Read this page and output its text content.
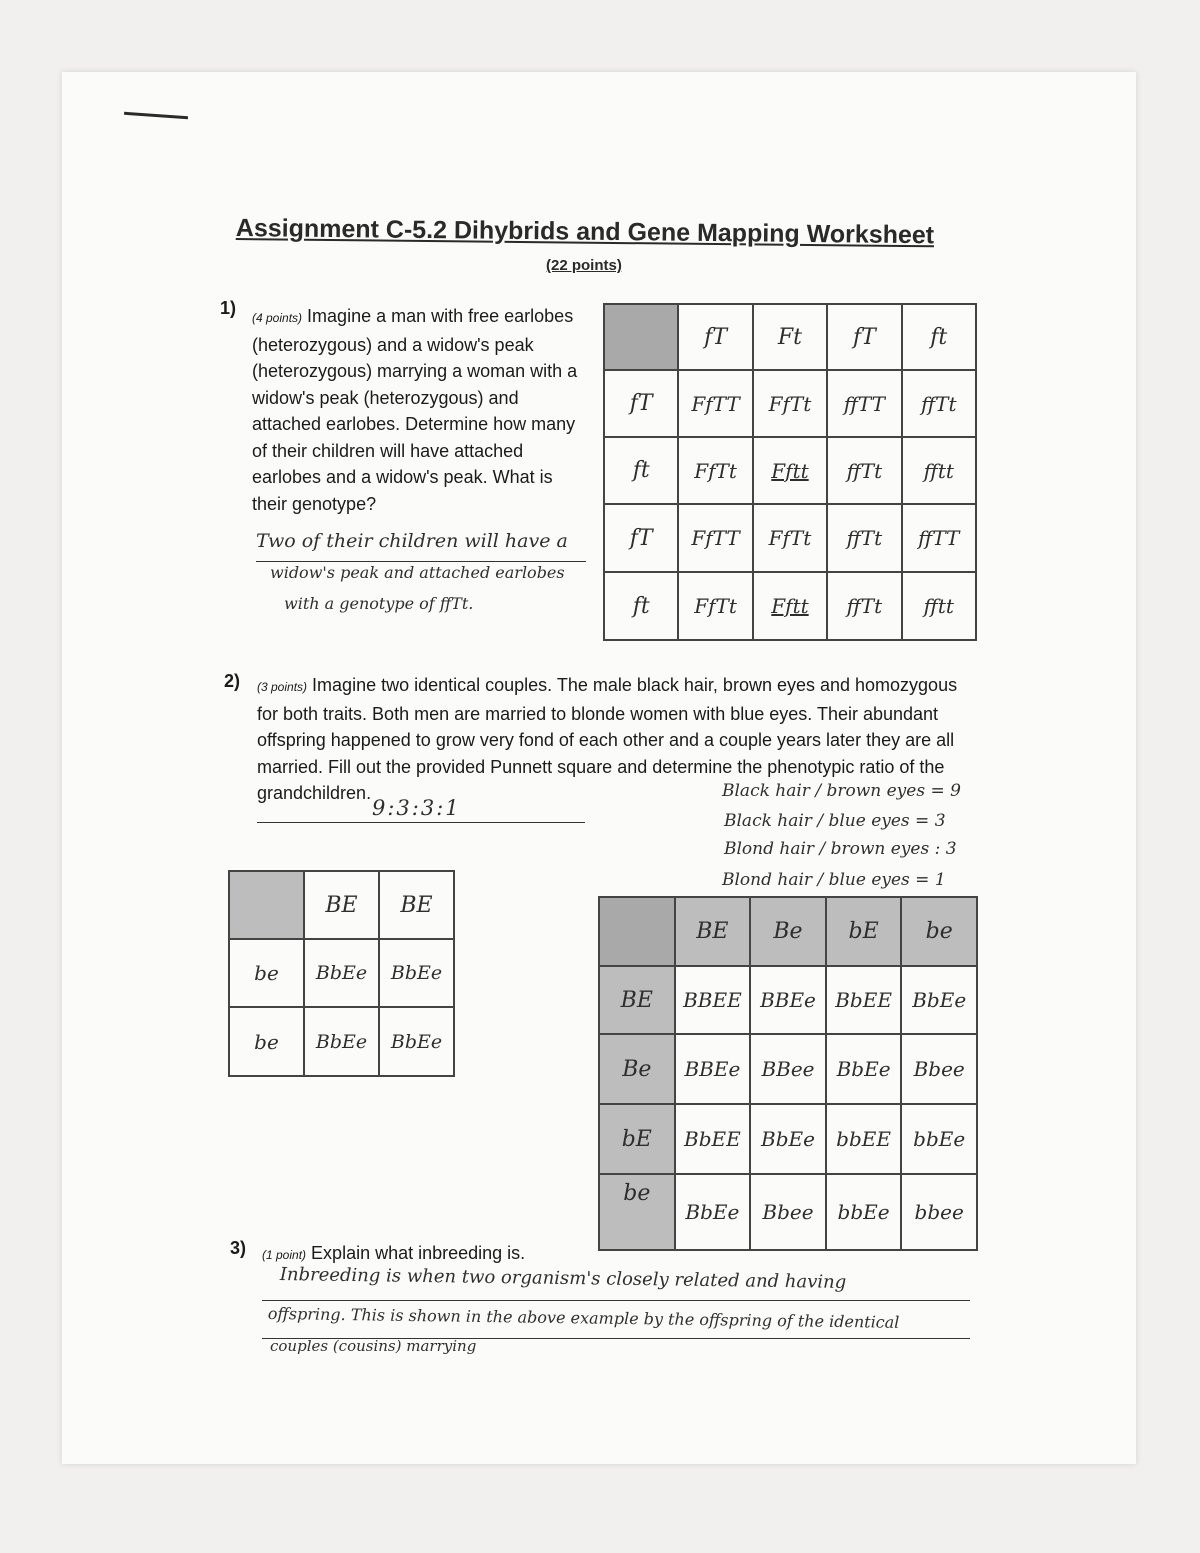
Assignment C-5.2 Dihybrids and Gene Mapping Worksheet
(22 points)
1) (4 points) Imagine a man with free earlobes (heterozygous) and a widow's peak (heterozygous) marrying a woman with a widow's peak (heterozygous) and attached earlobes. Determine how many of their children will have attached earlobes and a widow's peak. What is their genotype?
Two of their children will have a
widow's peak and attached earlobes
with a genotype of ffTt.
	fT	Ft	fT	ft
fT	FfTT	FfTt	ffTT	ffTt
ft	FfTt	Fftt	ffTt	fftt
fT	FfTT	FfTt	ffTt	ffTT
ft	FfTt	Fftt	ffTt	fftt
2) (3 points) Imagine two identical couples. The male black hair, brown eyes and homozygous for both traits. Both men are married to blonde women with blue eyes. Their abundant offspring happened to grow very fond of each other and a couple years later they are all married. Fill out the provided Punnett square and determine the phenotypic ratio of the grandchildren.
9:3:3:1
Black hair / brown eyes = 9
Black hair / blue eyes = 3
Blond hair / brown eyes : 3
Blond hair / blue eyes = 1
	BE	BE
be	BbEe	BbEe
be	BbEe	BbEe
	BE	Be	bE	be
BE	BBEE	BBEe	BbEE	BbEe
Be	BBEe	BBee	BbEe	Bbee
bE	BbEE	BbEe	bbEE	bbEe
be	BbEe	Bbee	bbEe	bbee
3) (1 point) Explain what inbreeding is.
Inbreeding is when two organism's closely related and having
offspring. This is shown in the above example by the offspring of the identical
couples (cousins) marrying
